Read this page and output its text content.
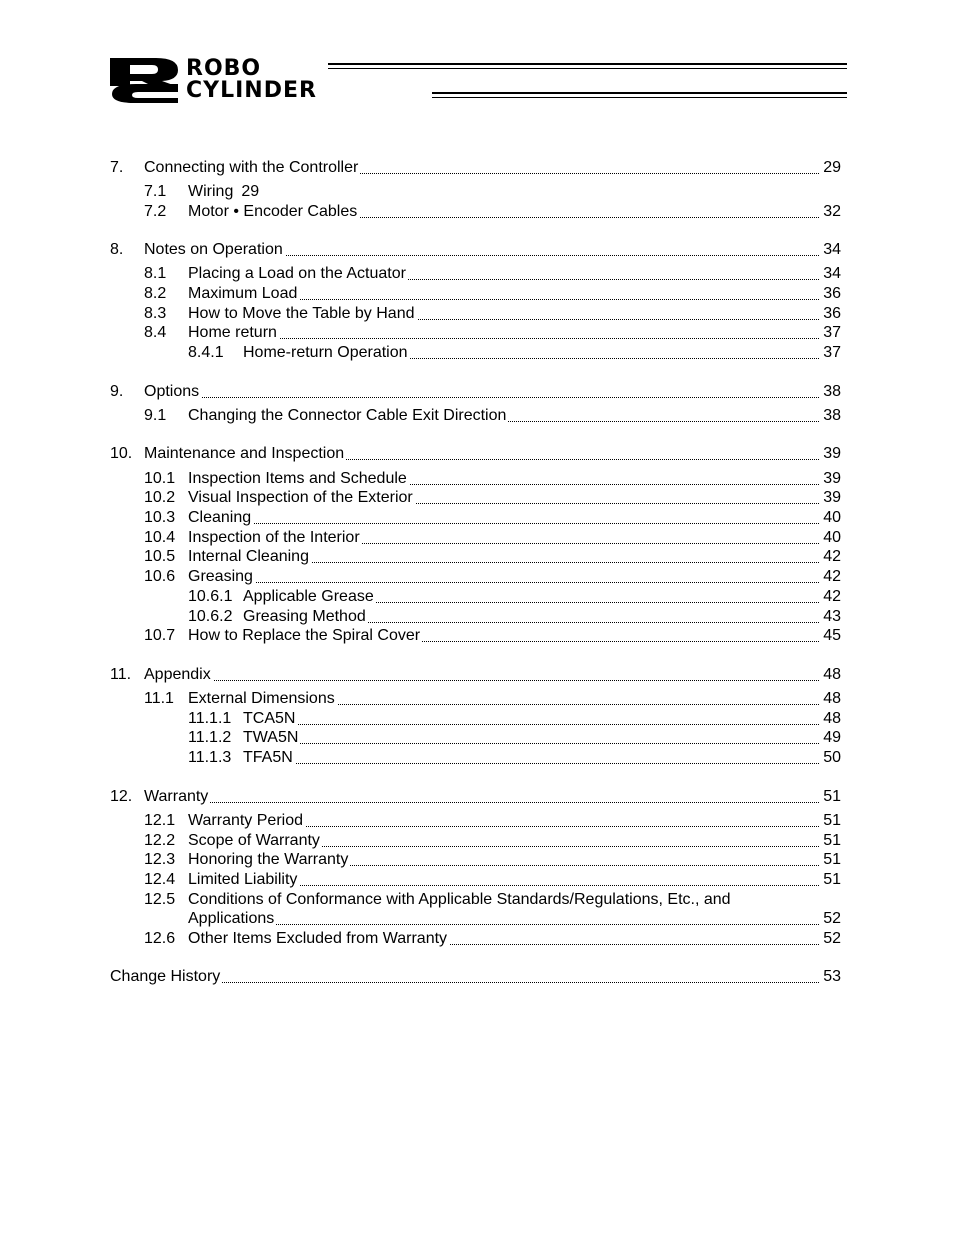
ROBO
CYLINDER
7. Connecting with the Controller	29
7.1 Wiring 29
7.2 Motor • Encoder Cables	32
8. Notes on Operation	34
8.1 Placing a Load on the Actuator	34
8.2 Maximum Load	36
8.3 How to Move the Table by Hand	36
8.4 Home return	37
8.4.1 Home-return Operation	37
9. Options	38
9.1 Changing the Connector Cable Exit Direction	38
10. Maintenance and Inspection	39
10.1 Inspection Items and Schedule	39
10.2 Visual Inspection of the Exterior	39
10.3 Cleaning	40
10.4 Inspection of the Interior	40
10.5 Internal Cleaning	42
10.6 Greasing	42
10.6.1 Applicable Grease	42
10.6.2 Greasing Method	43
10.7 How to Replace the Spiral Cover	45
11. Appendix	48
11.1 External Dimensions	48
11.1.1 TCA5N	48
11.1.2 TWA5N	49
11.1.3 TFA5N	50
12. Warranty	51
12.1 Warranty Period	51
12.2 Scope of Warranty	51
12.3 Honoring the Warranty	51
12.4 Limited Liability	51
12.5 Conditions of Conformance with Applicable Standards/Regulations, Etc., and
Applications	52
12.6 Other Items Excluded from Warranty	52
Change History	53
